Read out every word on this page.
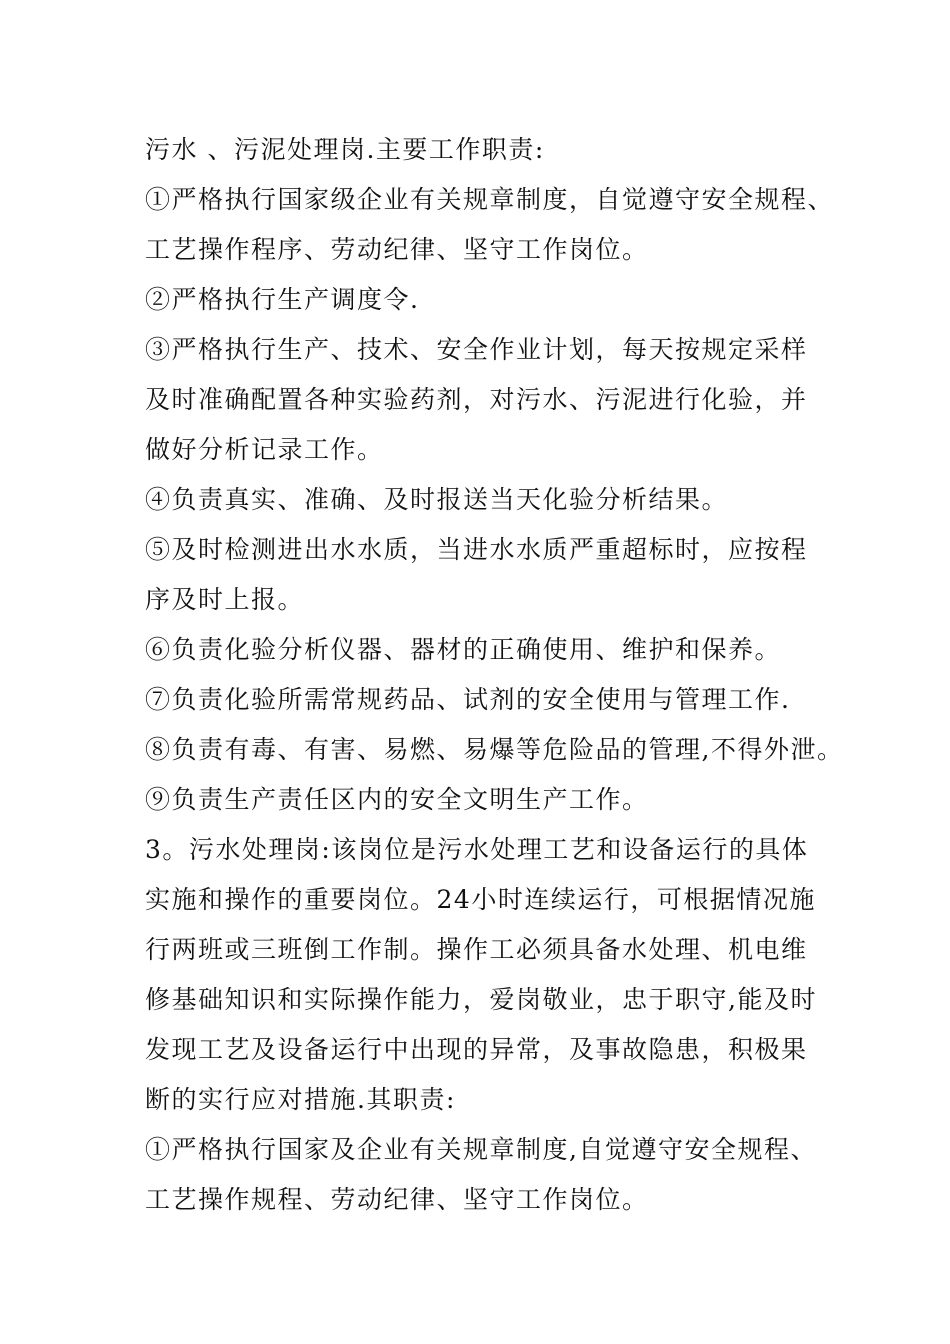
污水 、污泥处理岗.主要工作职责:
①严格执行国家级企业有关规章制度，自觉遵守安全规程、
工艺操作程序、劳动纪律、坚守工作岗位。
②严格执行生产调度令.
③严格执行生产、技术、安全作业计划，每天按规定采样
及时准确配置各种实验药剂，对污水、污泥进行化验，并
做好分析记录工作。
④负责真实、准确、及时报送当天化验分析结果。
⑤及时检测进出水水质，当进水水质严重超标时，应按程
序及时上报。
⑥负责化验分析仪器、器材的正确使用、维护和保养。
⑦负责化验所需常规药品、试剂的安全使用与管理工作.
⑧负责有毒、有害、易燃、易爆等危险品的管理,不得外泄。
⑨负责生产责任区内的安全文明生产工作。
3。污水处理岗:该岗位是污水处理工艺和设备运行的具体
实施和操作的重要岗位。24小时连续运行，可根据情况施
行两班或三班倒工作制。操作工必须具备水处理、机电维
修基础知识和实际操作能力，爱岗敬业，忠于职守,能及时
发现工艺及设备运行中出现的异常，及事故隐患，积极果
断的实行应对措施.其职责:
①严格执行国家及企业有关规章制度,自觉遵守安全规程、
工艺操作规程、劳动纪律、坚守工作岗位。
